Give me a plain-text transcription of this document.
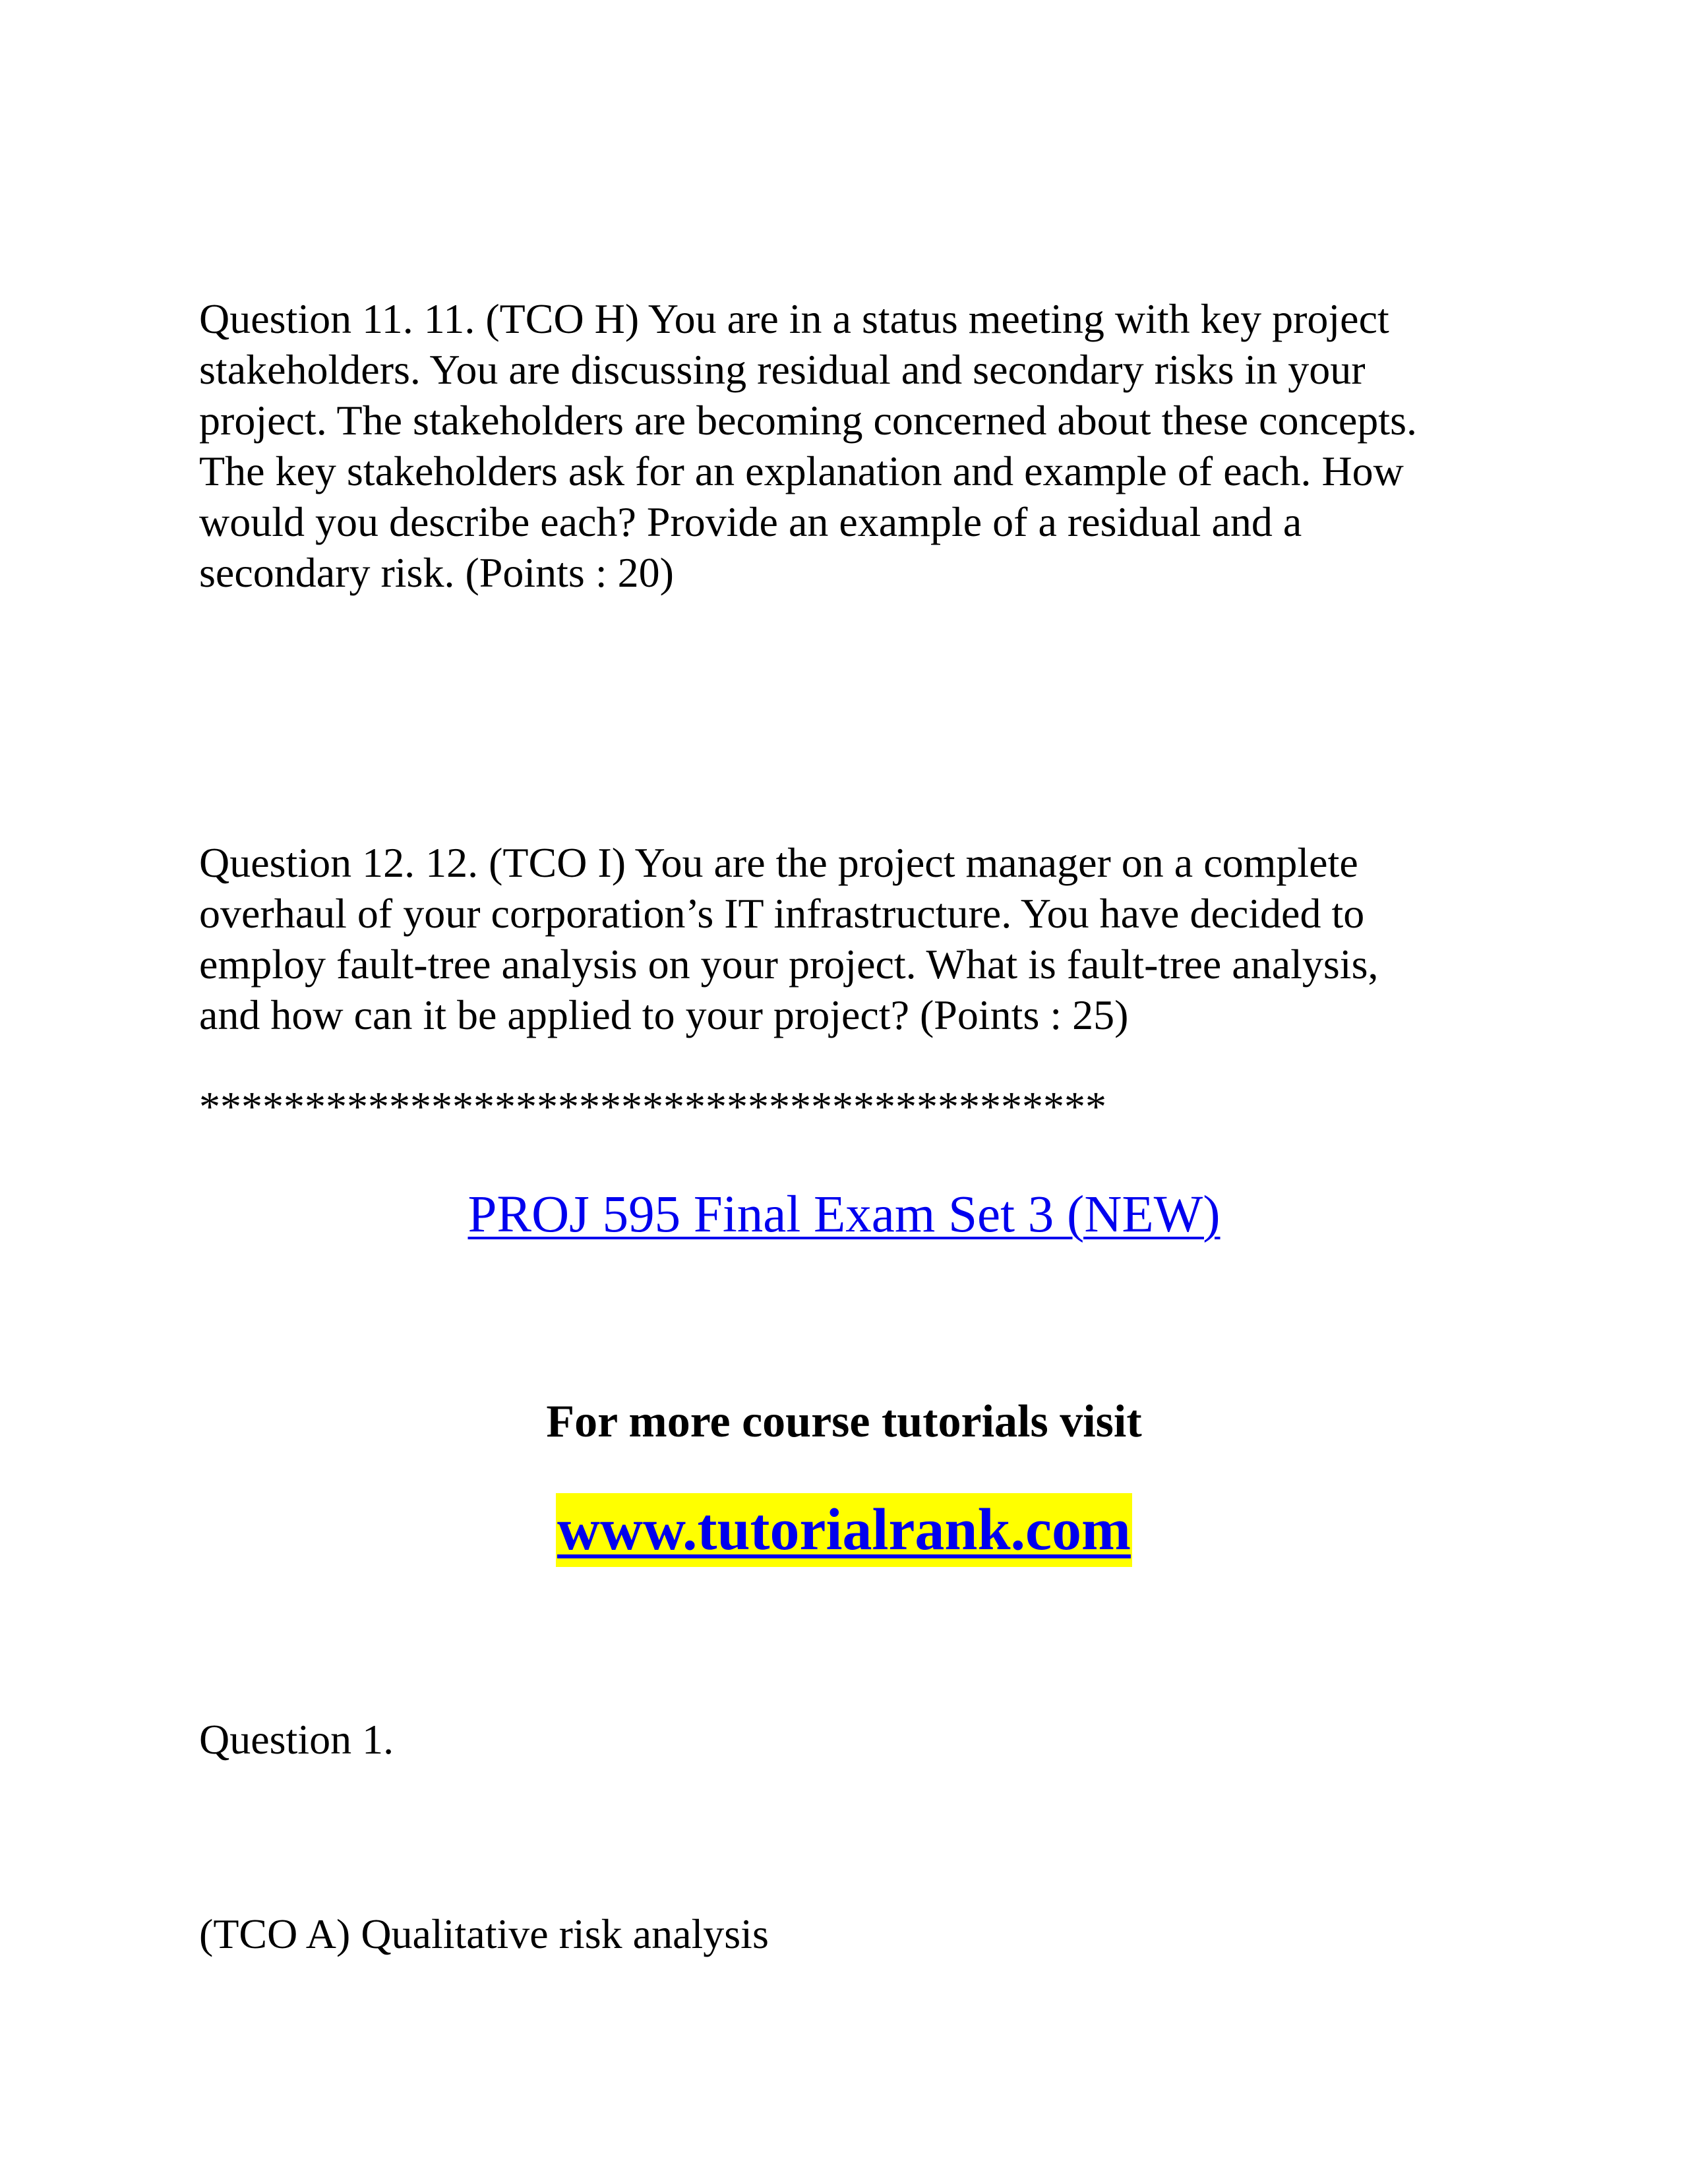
Question 11. 11. (TCO H) You are in a status meeting with key project
stakeholders. You are discussing residual and secondary risks in your
project. The stakeholders are becoming concerned about these concepts.
The key stakeholders ask for an explanation and example of each. How
would you describe each? Provide an example of a residual and a
secondary risk. (Points : 20)
Question 12. 12. (TCO I) You are the project manager on a complete
overhaul of your corporation’s IT infrastructure. You have decided to
employ fault-tree analysis on your project. What is fault-tree analysis,
and how can it be applied to your project? (Points : 25)
*******************************************

PROJ 595 Final Exam Set 3 (NEW)

For more course tutorials visit

www.tutorialrank.com

Question 1.
(TCO A) Qualitative risk analysis
